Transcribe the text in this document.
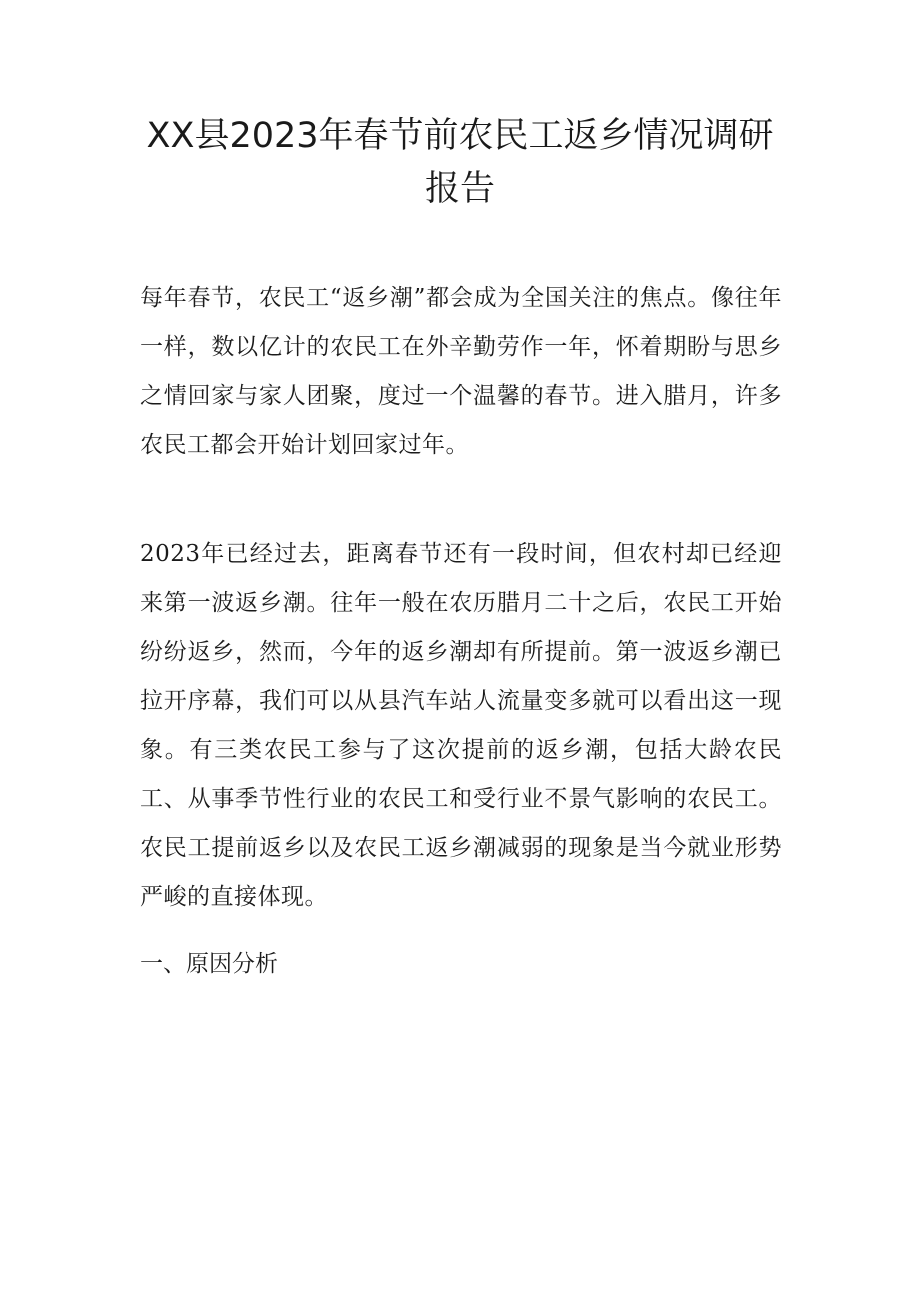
XX县2023年春节前农民工返乡情况调研报告

每年春节，农民工“返乡潮”都会成为全国关注的焦点。像往年一样，数以亿计的农民工在外辛勤劳作一年，怀着期盼与思乡之情回家与家人团聚，度过一个温馨的春节。进入腊月，许多农民工都会开始计划回家过年。

2023年已经过去，距离春节还有一段时间，但农村却已经迎来第一波返乡潮。往年一般在农历腊月二十之后，农民工开始纷纷返乡，然而，今年的返乡潮却有所提前。第一波返乡潮已拉开序幕，我们可以从县汽车站人流量变多就可以看出这一现象。有三类农民工参与了这次提前的返乡潮，包括大龄农民工、从事季节性行业的农民工和受行业不景气影响的农民工。农民工提前返乡以及农民工返乡潮减弱的现象是当今就业形势严峻的直接体现。

一、原因分析
